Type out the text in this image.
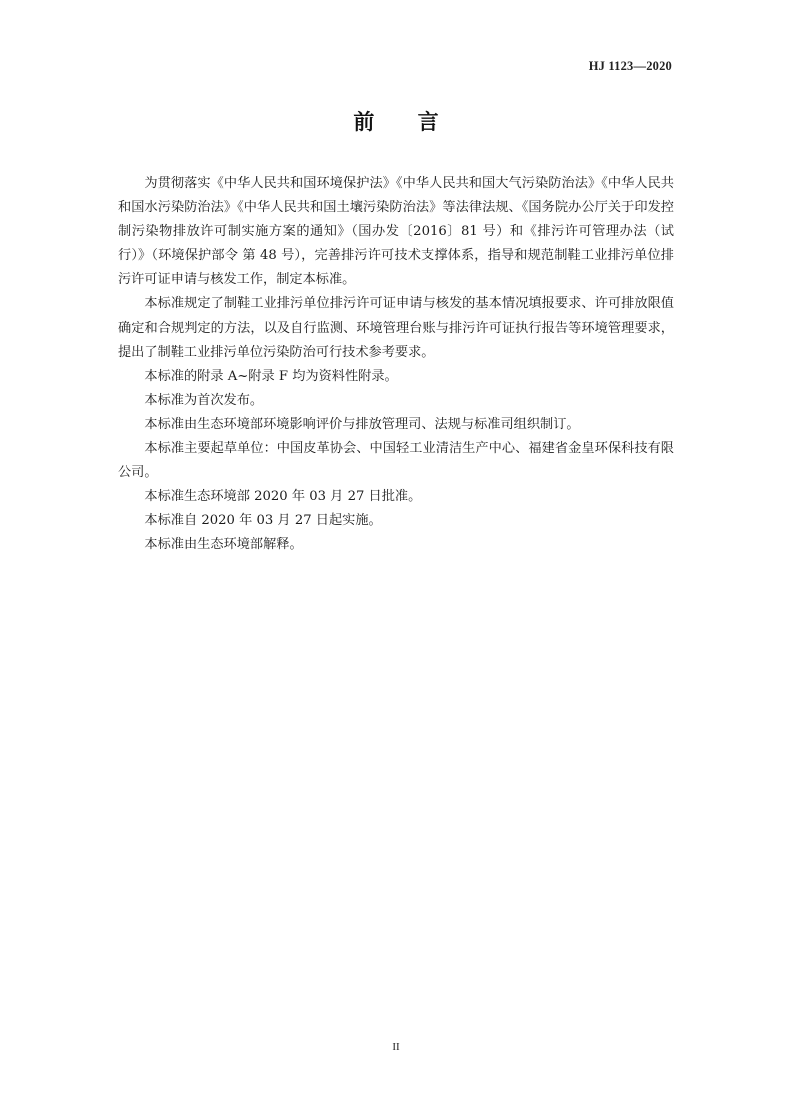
HJ 1123—2020
前 言

为贯彻落实《中华人民共和国环境保护法》《中华人民共和国大气污染防治法》《中华人民共和国水污染防治法》《中华人民共和国土壤污染防治法》等法律法规、《国务院办公厅关于印发控制污染物排放许可制实施方案的通知》（国办发〔2016〕81 号）和《排污许可管理办法（试行）》（环境保护部令 第 48 号），完善排污许可技术支撑体系，指导和规范制鞋工业排污单位排污许可证申请与核发工作，制定本标准。

本标准规定了制鞋工业排污单位排污许可证申请与核发的基本情况填报要求、许可排放限值确定和合规判定的方法，以及自行监测、环境管理台账与排污许可证执行报告等环境管理要求，提出了制鞋工业排污单位污染防治可行技术参考要求。

本标准的附录 A~附录 F 均为资料性附录。

本标准为首次发布。

本标准由生态环境部环境影响评价与排放管理司、法规与标准司组织制订。

本标准主要起草单位：中国皮革协会、中国轻工业清洁生产中心、福建省金皇环保科技有限公司。

本标准生态环境部 2020 年 03 月 27 日批准。

本标准自 2020 年 03 月 27 日起实施。

本标准由生态环境部解释。

II
